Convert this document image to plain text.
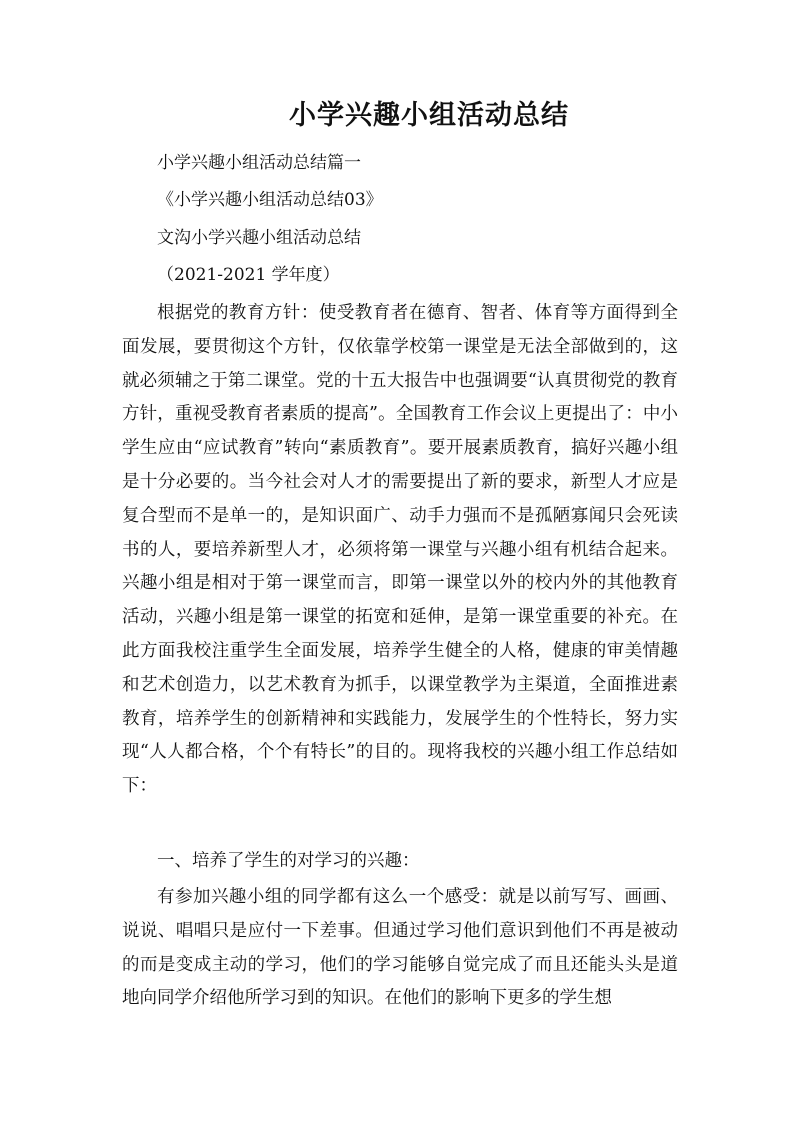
小学兴趣小组活动总结
小学兴趣小组活动总结篇一
《小学兴趣小组活动总结03》
文沟小学兴趣小组活动总结
（2021-2021 学年度）
根据党的教育方针：使受教育者在德育、智者、体育等方面得到全面发展，要贯彻这个方针，仅依靠学校第一课堂是无法全部做到的，这就必须辅之于第二课堂。党的十五大报告中也强调要“认真贯彻党的教育方针，重视受教育者素质的提高”。全国教育工作会议上更提出了：中小学生应由“应试教育”转向“素质教育”。要开展素质教育，搞好兴趣小组是十分必要的。当今社会对人才的需要提出了新的要求，新型人才应是复合型而不是单一的，是知识面广、动手力强而不是孤陋寡闻只会死读书的人，要培养新型人才，必须将第一课堂与兴趣小组有机结合起来。兴趣小组是相对于第一课堂而言，即第一课堂以外的校内外的其他教育活动，兴趣小组是第一课堂的拓宽和延伸，是第一课堂重要的补充。在此方面我校注重学生全面发展，培养学生健全的人格，健康的审美情趣和艺术创造力，以艺术教育为抓手，以课堂教学为主渠道，全面推进素教育，培养学生的创新精神和实践能力，发展学生的个性特长，努力实现“人人都合格，个个有特长”的目的。现将我校的兴趣小组工作总结如下：
一、培养了学生的对学习的兴趣：
有参加兴趣小组的同学都有这么一个感受：就是以前写写、画画、说说、唱唱只是应付一下差事。但通过学习他们意识到他们不再是被动的而是变成主动的学习，他们的学习能够自觉完成了而且还能头头是道地向同学介绍他所学习到的知识。在他们的影响下更多的学生想
